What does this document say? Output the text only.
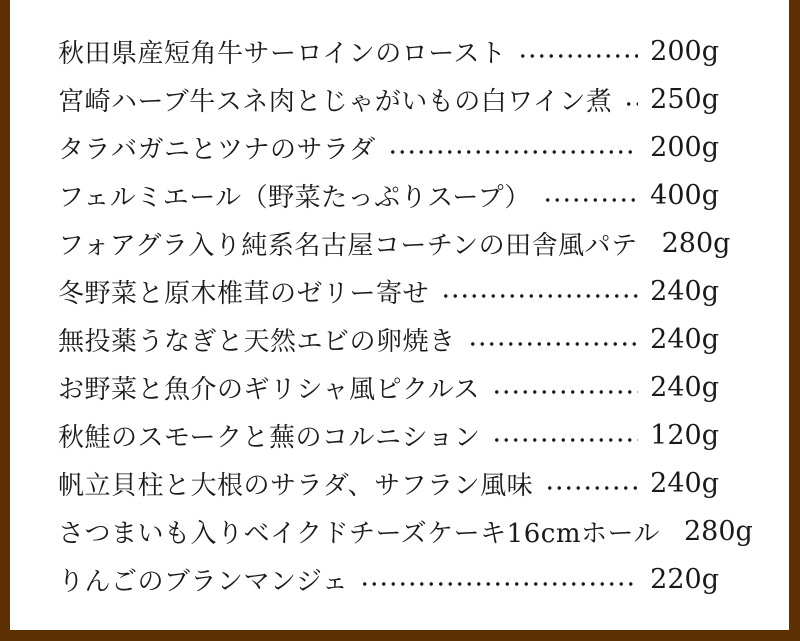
秋田県産短角牛サーロインのロースト	200g
宮崎ハーブ牛スネ肉とじゃがいもの白ワイン煮 250g
タラバガニとツナのサラダ	200g
フェルミエール（野菜たっぷりスープ）	400g
フォアグラ入り純系名古屋コーチンの田舎風パテ 280g
冬野菜と原木椎茸のゼリー寄せ	240g
無投薬うなぎと天然エビの卵焼き	240g
お野菜と魚介のギリシャ風ピクルス	240g
秋鮭のスモークと蕪のコルニション	120g
帆立貝柱と大根のサラダ、サフラン風味	240g
さつまいも入りベイクドチーズケーキ16cmホール 280g
りんごのブランマンジェ	220g
